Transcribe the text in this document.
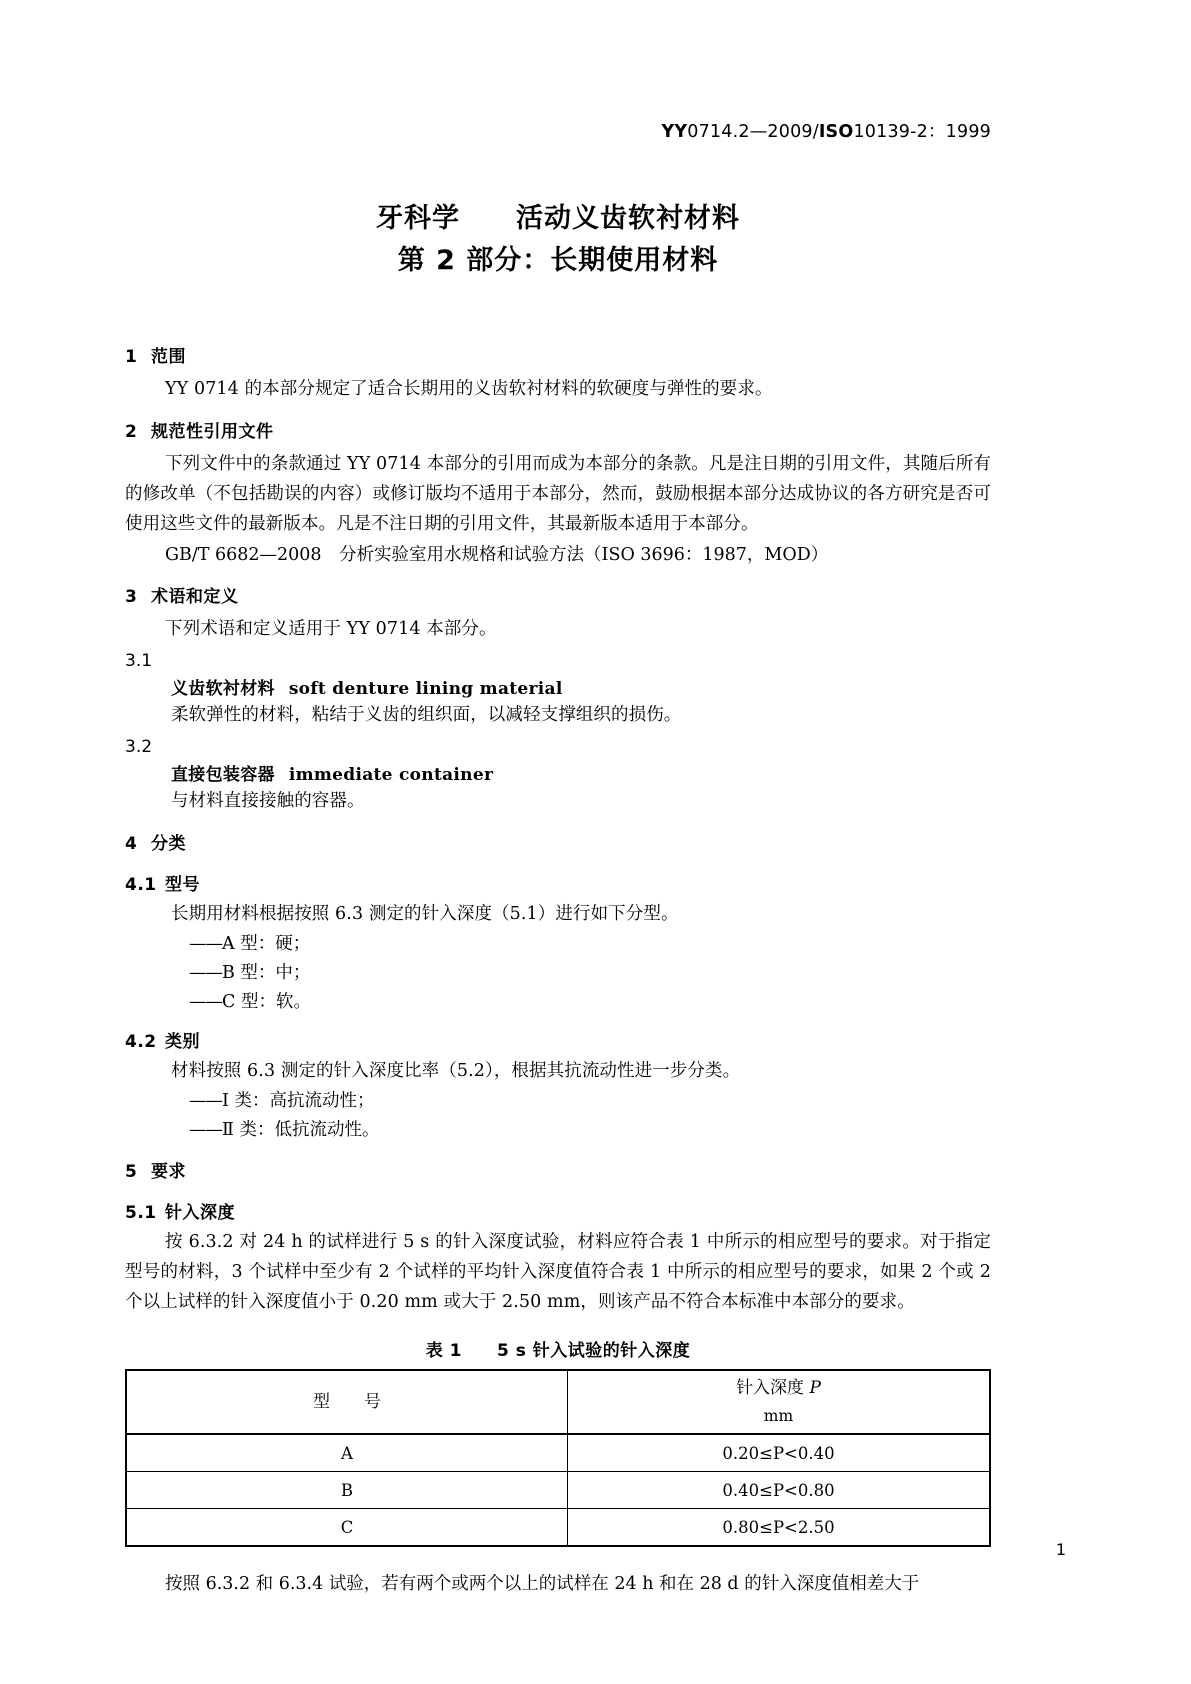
YY0714.2—2009/ISO10139-2：1999
牙科学　　活动义齿软衬材料
第 2 部分：长期使用材料
1 范围

YY 0714 的本部分规定了适合长期用的义齿软衬材料的软硬度与弹性的要求。

2 规范性引用文件

下列文件中的条款通过 YY 0714 本部分的引用而成为本部分的条款。凡是注日期的引用文件，其随后所有的修改单（不包括勘误的内容）或修订版均不适用于本部分，然而，鼓励根据本部分达成协议的各方研究是否可使用这些文件的最新版本。凡是不注日期的引用文件，其最新版本适用于本部分。

GB/T 6682—2008　分析实验室用水规格和试验方法（ISO 3696：1987，MOD）

3 术语和定义

下列术语和定义适用于 YY 0714 本部分。

3.1

义齿软衬材料 soft denture lining material

柔软弹性的材料，粘结于义齿的组织面，以减轻支撑组织的损伤。

3.2

直接包装容器 immediate container

与材料直接接触的容器。

4 分类
4.1 型号

长期用材料根据按照 6.3 测定的针入深度（5.1）进行如下分型。

——A 型：硬；

——B 型：中；

——C 型：软。

4.2 类别

材料按照 6.3 测定的针入深度比率（5.2），根据其抗流动性进一步分类。

——Ⅰ 类：高抗流动性；

——Ⅱ 类：低抗流动性。

5 要求
5.1 针入深度

按 6.3.2 对 24 h 的试样进行 5 s 的针入深度试验，材料应符合表 1 中所示的相应型号的要求。对于指定型号的材料，3 个试样中至少有 2 个试样的平均针入深度值符合表 1 中所示的相应型号的要求，如果 2 个或 2 个以上试样的针入深度值小于 0.20 mm 或大于 2.50 mm，则该产品不符合本标准中本部分的要求。

表 1　　5 s 针入试验的针入深度

型　　号	针入深度 P
mm

A	0.20≤P<0.40
B	0.40≤P<0.80
C	0.80≤P<2.50

按照 6.3.2 和 6.3.4 试验，若有两个或两个以上的试样在 24 h 和在 28 d 的针入深度值相差大于

1
